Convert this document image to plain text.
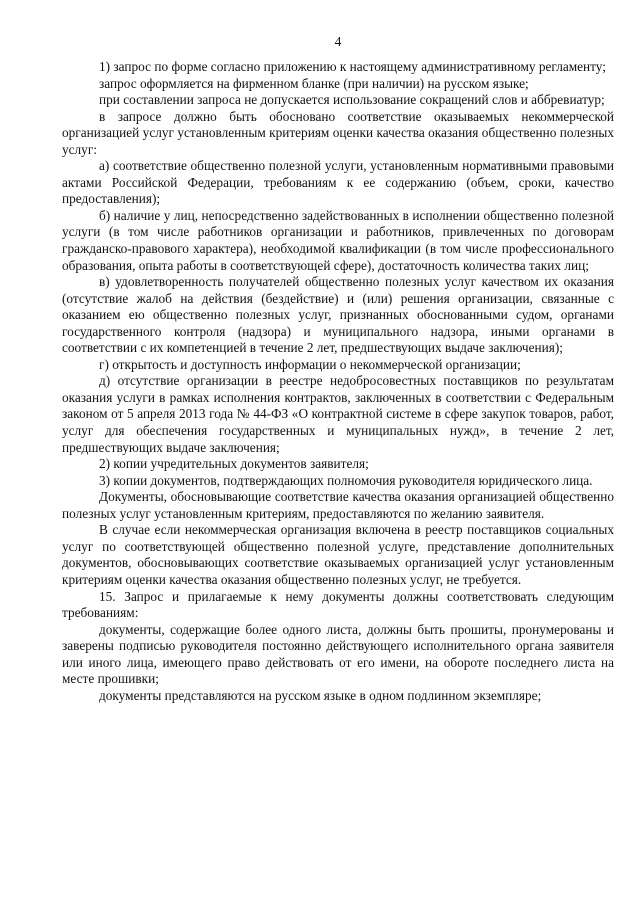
4

1) запрос по форме согласно приложению к настоящему административному регламенту;

запрос оформляется на фирменном бланке (при наличии) на русском языке;

при составлении запроса не допускается использование сокращений слов и аббревиатур;

в запросе должно быть обосновано соответствие оказываемых некоммерческой организацией услуг установленным критериям оценки качества оказания общественно полезных услуг:

а) соответствие общественно полезной услуги, установленным нормативными правовыми актами Российской Федерации, требованиям к ее содержанию (объем, сроки, качество предоставления);

б) наличие у лиц, непосредственно задействованных в исполнении общественно полезной услуги (в том числе работников организации и работников, привлеченных по договорам гражданско-правового характера), необходимой квалификации (в том числе профессионального образования, опыта работы в соответствующей сфере), достаточность количества таких лиц;

в) удовлетворенность получателей общественно полезных услуг качеством их оказания (отсутствие жалоб на действия (бездействие) и (или) решения организации, связанные с оказанием ею общественно полезных услуг, признанных обоснованными судом, органами государственного контроля (надзора) и муниципального надзора, иными органами в соответствии с их компетенцией в течение 2 лет, предшествующих выдаче заключения);

г) открытость и доступность информации о некоммерческой организации;

д) отсутствие организации в реестре недобросовестных поставщиков по результатам оказания услуги в рамках исполнения контрактов, заключенных в соответствии с Федеральным законом от 5 апреля 2013 года № 44-ФЗ «О контрактной системе в сфере закупок товаров, работ, услуг для обеспечения государственных и муниципальных нужд», в течение 2 лет, предшествующих выдаче заключения;

2) копии учредительных документов заявителя;

3) копии документов, подтверждающих полномочия руководителя юридического лица.

Документы, обосновывающие соответствие качества оказания организацией общественно полезных услуг установленным критериям, предоставляются по желанию заявителя.

В случае если некоммерческая организация включена в реестр поставщиков социальных услуг по соответствующей общественно полезной услуге, представление дополнительных документов, обосновывающих соответствие оказываемых организацией услуг установленным критериям оценки качества оказания общественно полезных услуг, не требуется.

15. Запрос и прилагаемые к нему документы должны соответствовать следующим требованиям:

документы, содержащие более одного листа, должны быть прошиты, пронумерованы и заверены подписью руководителя постоянно действующего исполнительного органа заявителя или иного лица, имеющего право действовать от его имени, на обороте последнего листа на месте прошивки;

документы представляются на русском языке в одном подлинном экземпляре;
